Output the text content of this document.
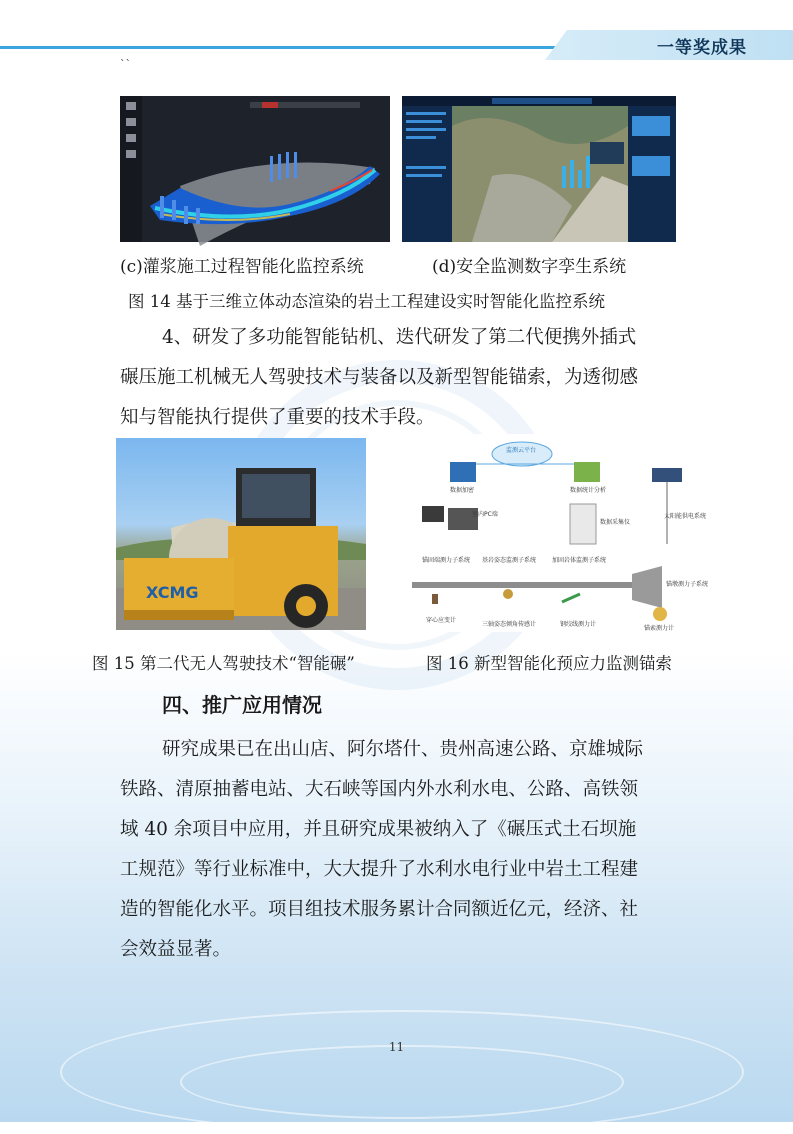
一等奖成果
``
(c)灌浆施工过程智能化监控系统	(d)安全监测数字孪生系统
图 14 基于三维立体动态渲染的岩土工程建设实时智能化监控系统
4、研发了多功能智能钻机、迭代研发了第二代便携外插式
碾压施工机械无人驾驶技术与装备以及新型智能锚索，为透彻感
知与智能执行提供了重要的技术手段。
XCMG
监测云平台
数据加密	数据统计分析
室内PC端
数据采集仪
太阳能供电系统
锚固端测力子系统 基岩姿态监测子系统	加固岩体监测子系统
锚墩测力子系统
穿心应变计
三轴姿态倾角传感计	钢绞线测力计
锚索测力计
图 15 第二代无人驾驶技术“智能碾”	图 16 新型智能化预应力监测锚索
四、推广应用情况
研究成果已在出山店、阿尔塔什、贵州高速公路、京雄城际
铁路、清原抽蓄电站、大石峡等国内外水利水电、公路、高铁领
域 40 余项目中应用，并且研究成果被纳入了《碾压式土石坝施
工规范》等行业标准中，大大提升了水利水电行业中岩土工程建
造的智能化水平。项目组技术服务累计合同额近亿元，经济、社
会效益显著。
11
